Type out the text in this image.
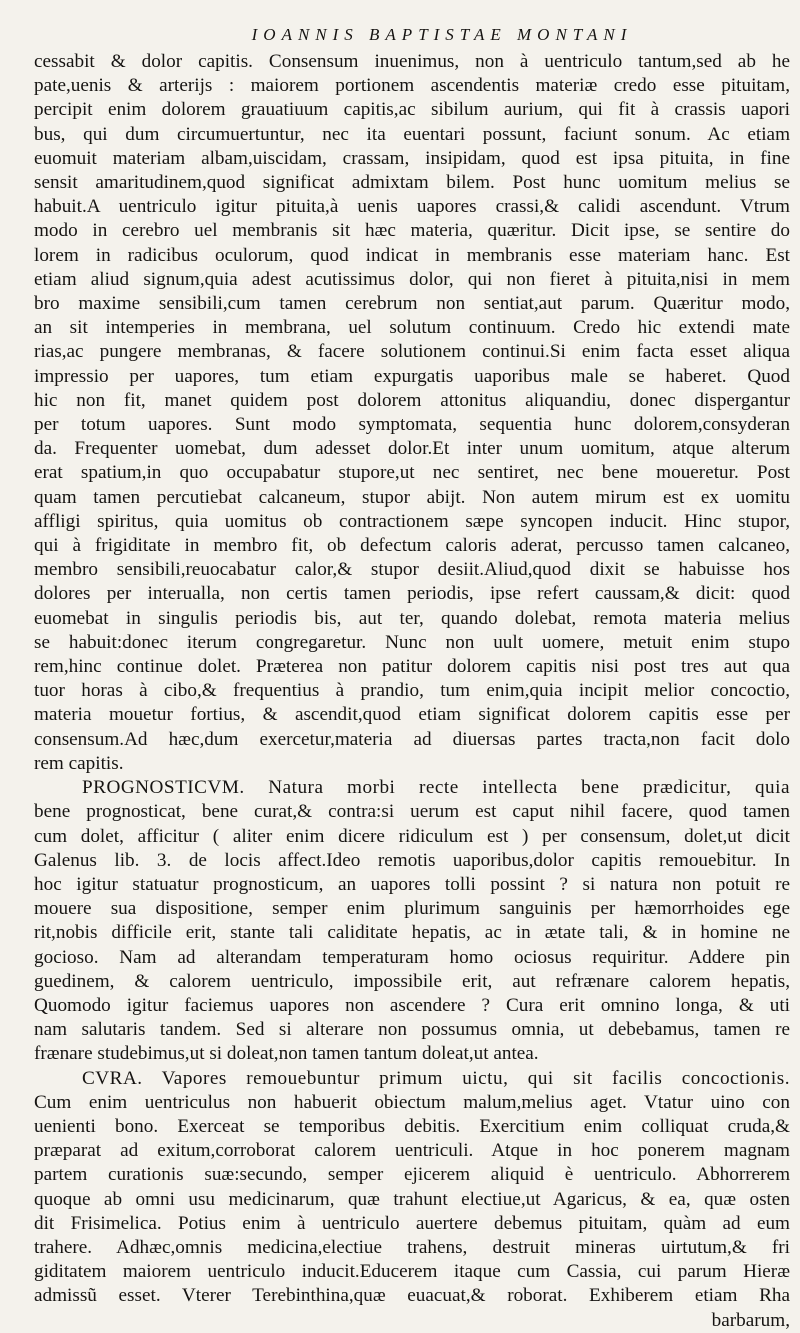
IOANNIS BAPTISTAE MONTANI
cessabit & dolor capitis. Consensum inuenimus, non à uentriculo tantum,sed ab he
pate,uenis & arterijs : maiorem portionem ascendentis materiæ credo esse pituitam,
percipit enim dolorem grauatiuum capitis,ac sibilum aurium, qui fit à crassis uapori
bus, qui dum circumuertuntur, nec ita euentari possunt, faciunt sonum. Ac etiam
euomuit materiam albam,uiscidam, crassam, insipidam, quod est ipsa pituita, in fine
sensit amaritudinem,quod significat admixtam bilem. Post hunc uomitum melius se
habuit.A uentriculo igitur pituita,à uenis uapores crassi,& calidi ascendunt. Vtrum
modo in cerebro uel membranis sit hæc materia, quæritur. Dicit ipse, se sentire do
lorem in radicibus oculorum, quod indicat in membranis esse materiam hanc. Est
etiam aliud signum,quia adest acutissimus dolor, qui non fieret à pituita,nisi in mem
bro maxime sensibili,cum tamen cerebrum non sentiat,aut parum. Quæritur modo,
an sit intemperies in membrana, uel solutum continuum. Credo hic extendi mate
rias,ac pungere membranas, & facere solutionem continui.Si enim facta esset aliqua
impressio per uapores, tum etiam expurgatis uaporibus male se haberet. Quod
hic non fit, manet quidem post dolorem attonitus aliquandiu, donec dispergantur
per totum uapores. Sunt modo symptomata, sequentia hunc dolorem,consyderan
da. Frequenter uomebat, dum adesset dolor.Et inter unum uomitum, atque alterum
erat spatium,in quo occupabatur stupore,ut nec sentiret, nec bene moueretur. Post
quam tamen percutiebat calcaneum, stupor abijt. Non autem mirum est ex uomitu
affligi spiritus, quia uomitus ob contractionem sæpe syncopen inducit. Hinc stupor,
qui à frigiditate in membro fit, ob defectum caloris aderat, percusso tamen calcaneo,
membro sensibili,reuocabatur calor,& stupor desiit.Aliud,quod dixit se habuisse hos
dolores per interualla, non certis tamen periodis, ipse refert caussam,& dicit: quod
euomebat in singulis periodis bis, aut ter, quando dolebat, remota materia melius
se habuit:donec iterum congregaretur. Nunc non uult uomere, metuit enim stupo
rem,hinc continue dolet. Præterea non patitur dolorem capitis nisi post tres aut qua
tuor horas à cibo,& frequentius à prandio, tum enim,quia incipit melior concoctio,
materia mouetur fortius, & ascendit,quod etiam significat dolorem capitis esse per
consensum.Ad hæc,dum exercetur,materia ad diuersas partes tracta,non facit dolo
rem capitis.
PROGNOSTICVM. Natura morbi recte intellecta bene prædicitur, quia
bene prognosticat, bene curat,& contra:si uerum est caput nihil facere, quod tamen
cum dolet, afficitur ( aliter enim dicere ridiculum est ) per consensum, dolet,ut dicit
Galenus lib. 3. de locis affect.Ideo remotis uaporibus,dolor capitis remouebitur. In
hoc igitur statuatur prognosticum, an uapores tolli possint ? si natura non potuit re
mouere sua dispositione, semper enim plurimum sanguinis per hæmorrhoides ege
rit,nobis difficile erit, stante tali caliditate hepatis, ac in ætate tali, & in homine ne
gocioso. Nam ad alterandam temperaturam homo ociosus requiritur. Addere pin
guedinem, & calorem uentriculo, impossibile erit, aut refrænare calorem hepatis,
Quomodo igitur faciemus uapores non ascendere ? Cura erit omnino longa, & uti
nam salutaris tandem. Sed si alterare non possumus omnia, ut debebamus, tamen re
frænare studebimus,ut si doleat,non tamen tantum doleat,ut antea.
CVRA. Vapores remouebuntur primum uictu, qui sit facilis concoctionis.
Cum enim uentriculus non habuerit obiectum malum,melius aget. Vtatur uino con
uenienti bono. Exerceat se temporibus debitis. Exercitium enim colliquat cruda,&
præparat ad exitum,corroborat calorem uentriculi. Atque in hoc ponerem magnam
partem curationis suæ:secundo, semper ejicerem aliquid è uentriculo. Abhorrerem
quoque ab omni usu medicinarum, quæ trahunt electiue,ut Agaricus, & ea, quæ osten
dit Frisimelica. Potius enim à uentriculo auertere debemus pituitam, quàm ad eum
trahere. Adhæc,omnis medicina,electiue trahens, destruit mineras uirtutum,& fri
giditatem maiorem uentriculo inducit.Educerem itaque cum Cassia, cui parum Hieræ
admissũ esset. Vterer Terebinthina,quæ euacuat,& roborat. Exhiberem etiam Rha
barbarum,
